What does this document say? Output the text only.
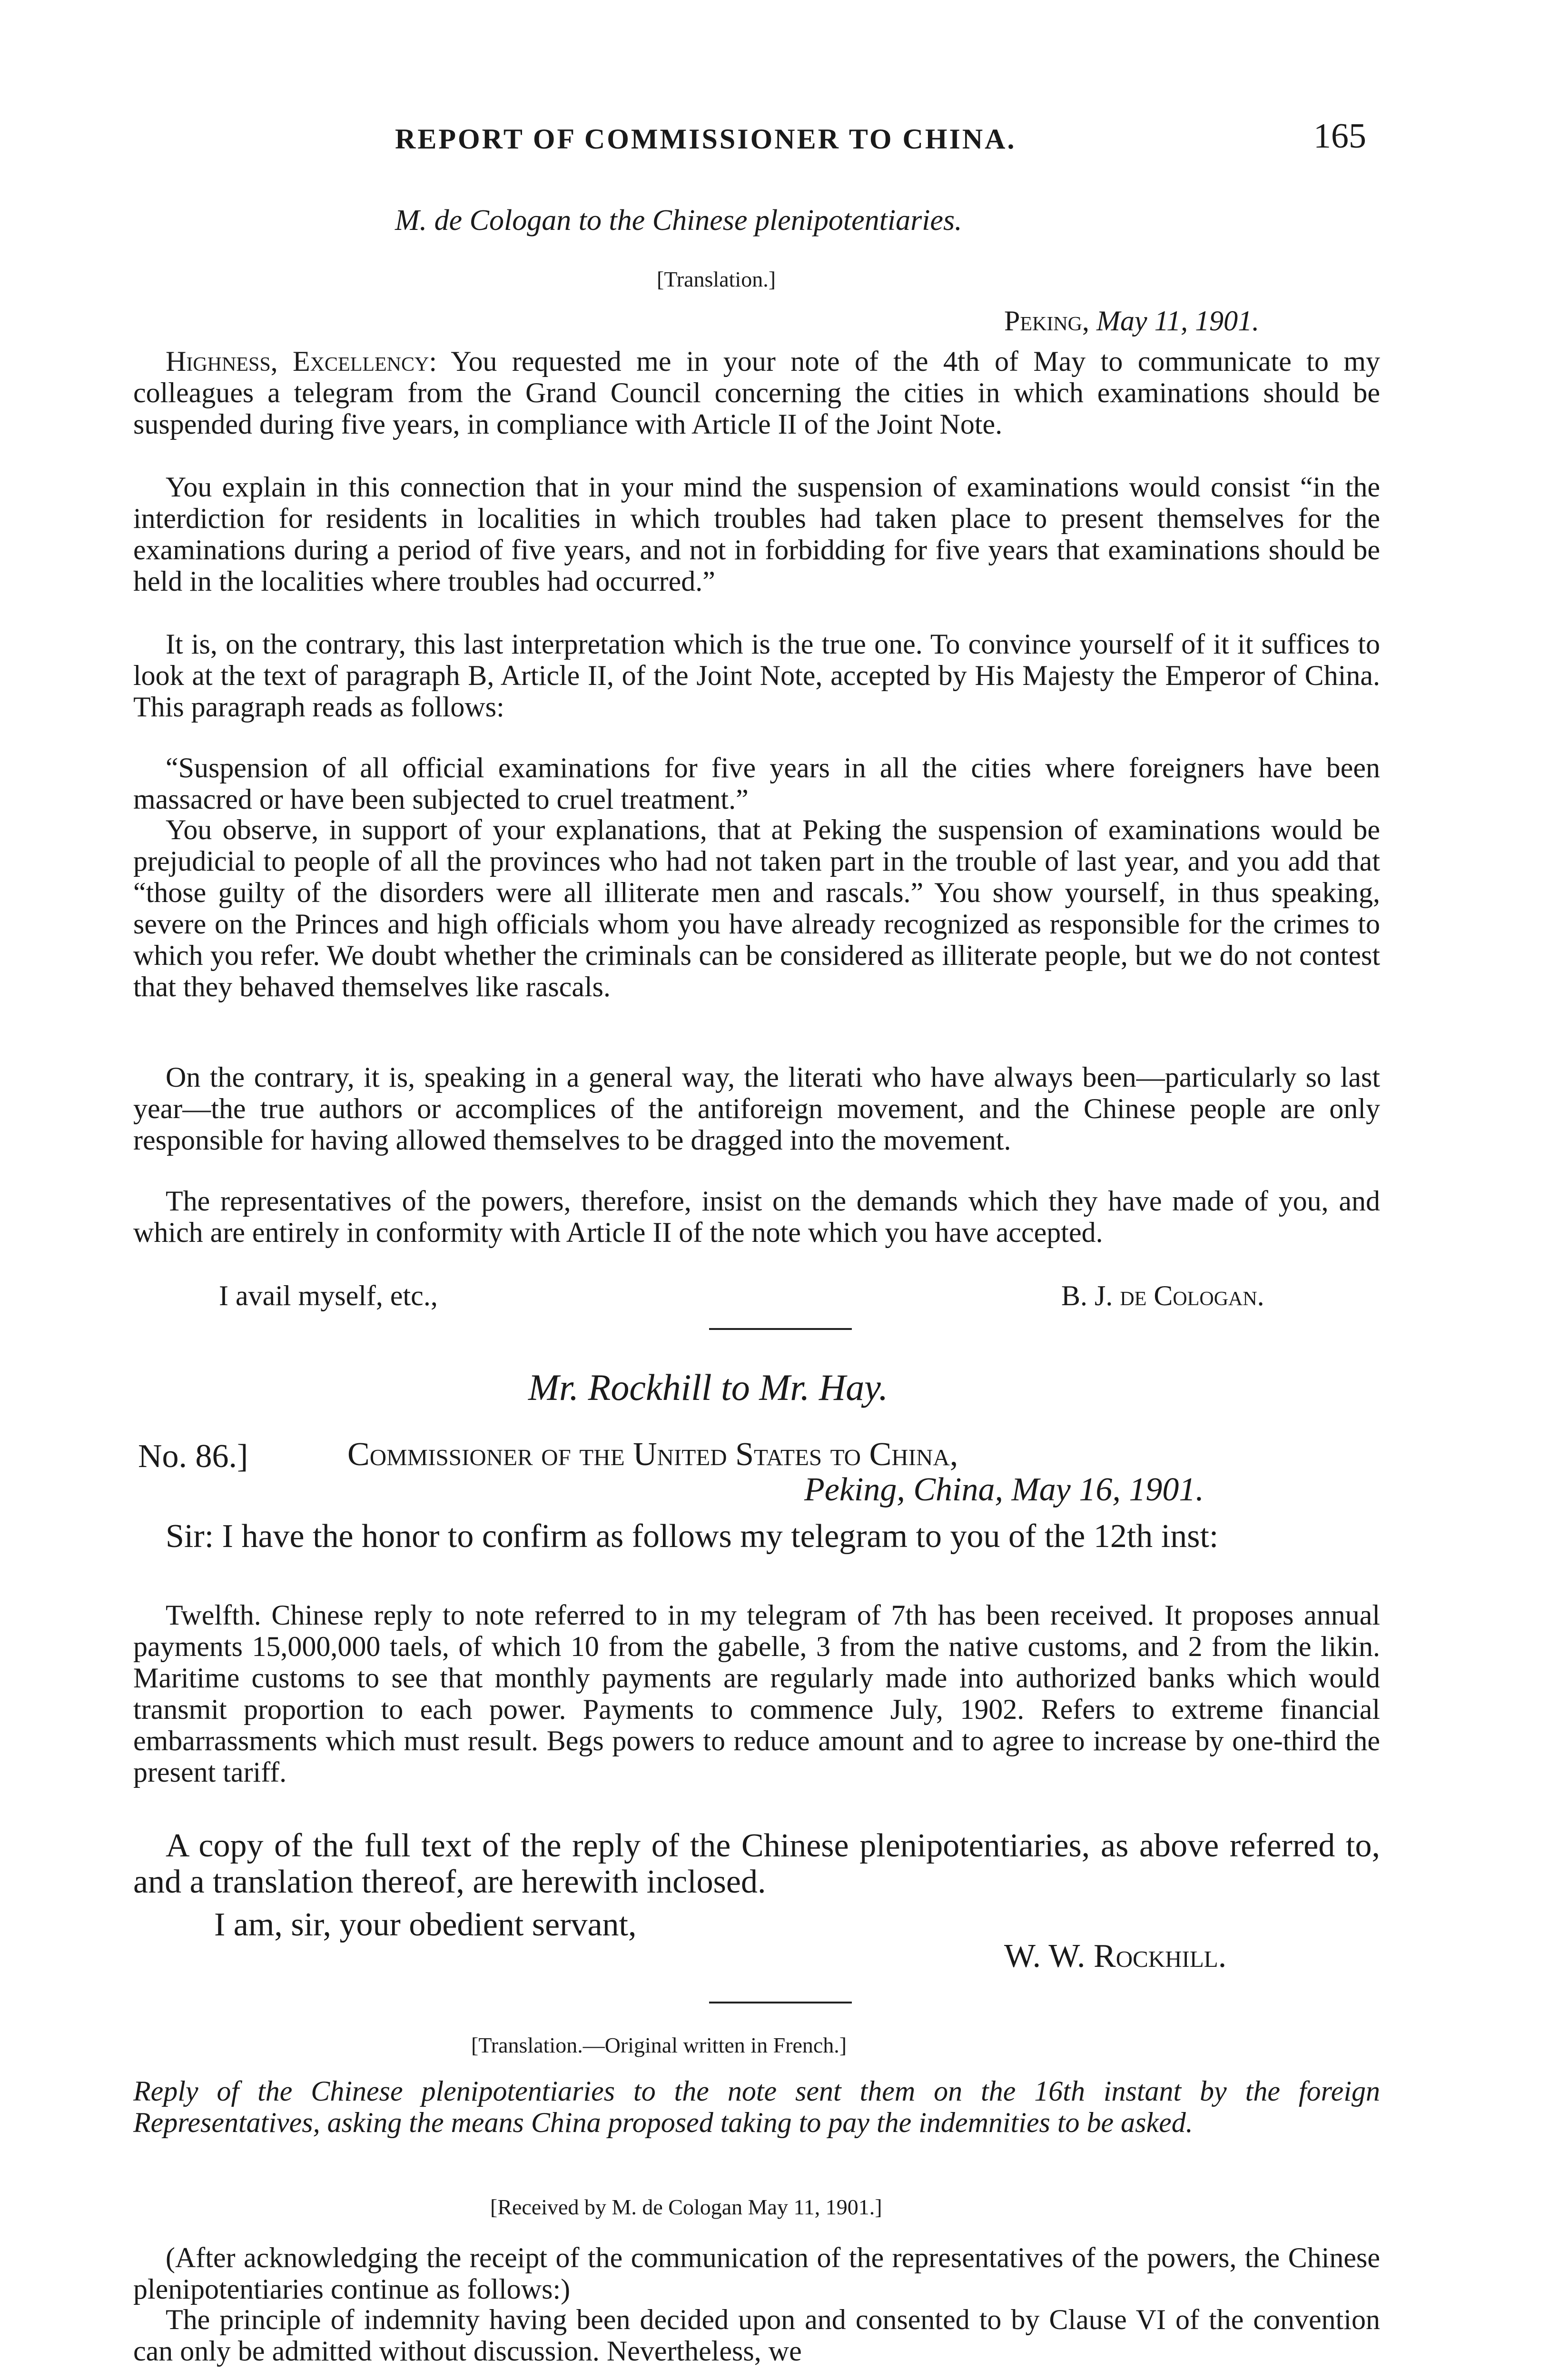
REPORT OF COMMISSIONER TO CHINA.	165
M. de Cologan to the Chinese plenipotentiaries.
[Translation.]
Peking, May 11, 1901.

Highness, Excellency: You requested me in your note of the 4th of May to communicate to my colleagues a telegram from the Grand Council concerning the cities in which examinations should be suspended during five years, in compliance with Article II of the Joint Note.

You explain in this connection that in your mind the suspension of examinations would consist “in the interdiction for residents in localities in which troubles had taken place to present themselves for the examinations during a period of five years, and not in forbidding for five years that examinations should be held in the localities where troubles had occurred.”

It is, on the contrary, this last interpretation which is the true one. To convince yourself of it it suffices to look at the text of paragraph B, Article II, of the Joint Note, accepted by His Majesty the Emperor of China. This paragraph reads as follows:

“Suspension of all official examinations for five years in all the cities where foreigners have been massacred or have been subjected to cruel treatment.”

You observe, in support of your explanations, that at Peking the suspension of examinations would be prejudicial to people of all the provinces who had not taken part in the trouble of last year, and you add that “those guilty of the disorders were all illiterate men and rascals.” You show yourself, in thus speaking, severe on the Princes and high officials whom you have already recognized as responsible for the crimes to which you refer. We doubt whether the criminals can be considered as illiterate people, but we do not contest that they behaved themselves like rascals.

On the contrary, it is, speaking in a general way, the literati who have always been—particularly so last year—the true authors or accomplices of the antiforeign movement, and the Chinese people are only responsible for having allowed themselves to be dragged into the movement.

The representatives of the powers, therefore, insist on the demands which they have made of you, and which are entirely in conformity with Article II of the note which you have accepted.

I avail myself, etc.,	B. J. de Cologan.
Mr. Rockhill to Mr. Hay.
No. 86.]	Commissioner of the United States to China,
Peking, China, May 16, 1901.

Sir: I have the honor to confirm as follows my telegram to you of the 12th inst:

Twelfth. Chinese reply to note referred to in my telegram of 7th has been received. It proposes annual payments 15,000,000 taels, of which 10 from the gabelle, 3 from the native customs, and 2 from the likin. Maritime customs to see that monthly payments are regularly made into authorized banks which would transmit proportion to each power. Payments to commence July, 1902. Refers to extreme financial embarrassments which must result. Begs powers to reduce amount and to agree to increase by one-third the present tariff.

A copy of the full text of the reply of the Chinese plenipotentiaries, as above referred to, and a translation thereof, are herewith inclosed.

I am, sir, your obedient servant,
W. W. Rockhill.
[Translation.—Original written in French.]

Reply of the Chinese plenipotentiaries to the note sent them on the 16th instant by the foreign Representatives, asking the means China proposed taking to pay the indemnities to be asked.

[Received by M. de Cologan May 11, 1901.]

(After acknowledging the receipt of the communication of the representatives of the powers, the Chinese plenipotentiaries continue as follows:)

The principle of indemnity having been decided upon and consented to by Clause VI of the convention can only be admitted without discussion. Nevertheless, we
